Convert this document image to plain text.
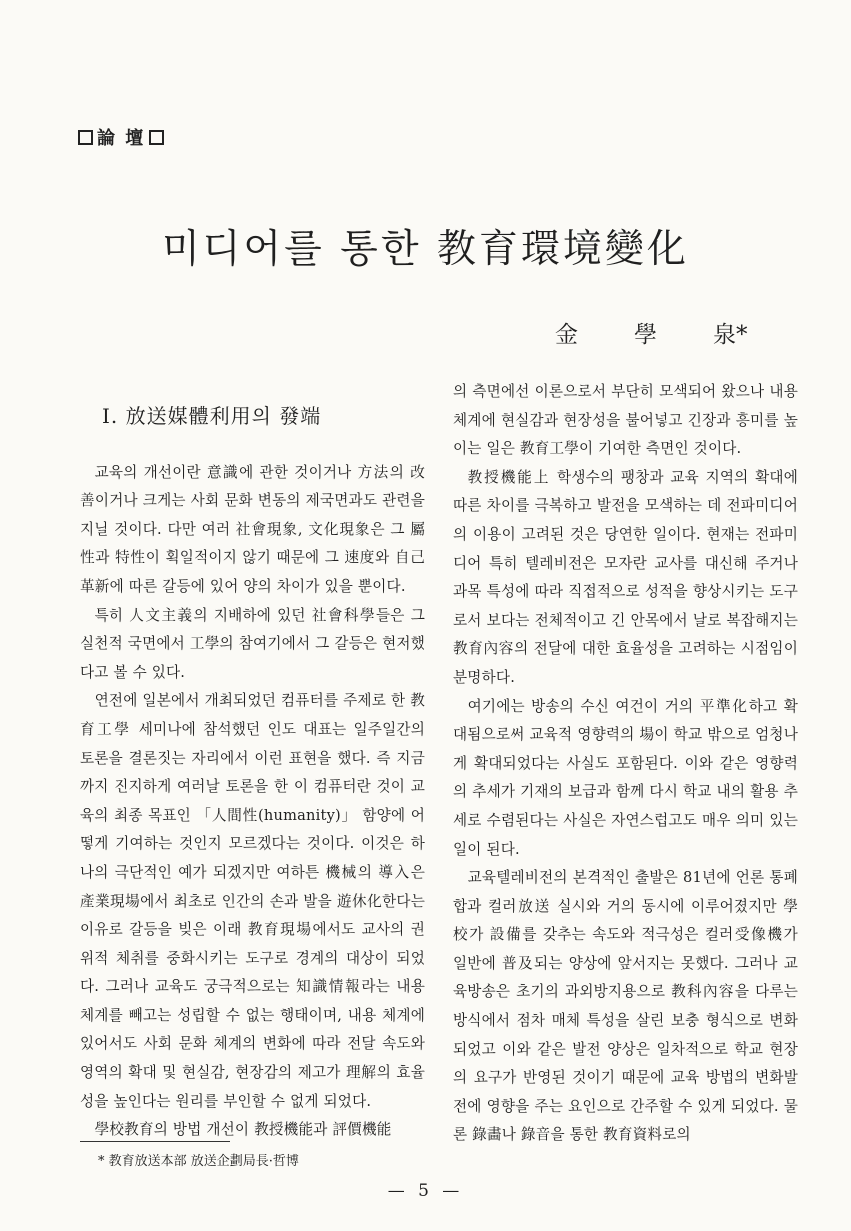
論 壇
미디어를 통한 教育環境變化
金 學 泉*
I. 放送媒體利用의 發端

교육의 개선이란 意識에 관한 것이거나 方法의 改善이거나 크게는 사회 문화 변동의 제국면과도 관련을 지닐 것이다. 다만 여러 社會現象, 文化現象은 그 屬性과 特性이 획일적이지 않기 때문에 그 速度와 自己革新에 따른 갈등에 있어 양의 차이가 있을 뿐이다.

특히 人文主義의 지배하에 있던 社會科學들은 그 실천적 국면에서 工學의 참여기에서 그 갈등은 현저했다고 볼 수 있다.

연전에 일본에서 개최되었던 컴퓨터를 주제로 한 教育工學 세미나에 참석했던 인도 대표는 일주일간의 토론을 결론짓는 자리에서 이런 표현을 했다. 즉 지금까지 진지하게 여러날 토론을 한 이 컴퓨터란 것이 교육의 최종 목표인 「人間性(humanity)」 함양에 어떻게 기여하는 것인지 모르겠다는 것이다. 이것은 하나의 극단적인 예가 되겠지만 여하튼 機械의 導入은 產業現場에서 최초로 인간의 손과 발을 遊休化한다는 이유로 갈등을 빚은 이래 教育現場에서도 교사의 권위적 체취를 중화시키는 도구로 경계의 대상이 되었다. 그러나 교육도 궁극적으로는 知識情報라는 내용 체계를 빼고는 성립할 수 없는 행태이며, 내용 체계에 있어서도 사회 문화 체계의 변화에 따라 전달 속도와 영역의 확대 및 현실감, 현장감의 제고가 理解의 효율성을 높인다는 원리를 부인할 수 없게 되었다.

學校教育의 방법 개선이 教授機能과 評價機能

의 측면에선 이론으로서 부단히 모색되어 왔으나 내용 체계에 현실감과 현장성을 불어넣고 긴장과 흥미를 높이는 일은 教育工學이 기여한 측면인 것이다.

教授機能上 학생수의 팽창과 교육 지역의 확대에 따른 차이를 극복하고 발전을 모색하는 데 전파미디어의 이용이 고려된 것은 당연한 일이다. 현재는 전파미디어 특히 텔레비전은 모자란 교사를 대신해 주거나 과목 특성에 따라 직접적으로 성적을 향상시키는 도구로서 보다는 전체적이고 긴 안목에서 날로 복잡해지는 教育內容의 전달에 대한 효율성을 고려하는 시점임이 분명하다.

여기에는 방송의 수신 여건이 거의 平準化하고 확대됨으로써 교육적 영향력의 場이 학교 밖으로 엄청나게 확대되었다는 사실도 포함된다. 이와 같은 영향력의 추세가 기재의 보급과 함께 다시 학교 내의 활용 추세로 수렴된다는 사실은 자연스럽고도 매우 의미 있는 일이 된다.

교육텔레비전의 본격적인 출발은 81년에 언론 통폐합과 컬러放送 실시와 거의 동시에 이루어졌지만 學校가 設備를 갖추는 속도와 적극성은 컬러受像機가 일반에 普及되는 양상에 앞서지는 못했다. 그러나 교육방송은 초기의 과외방지용으로 教科內容을 다루는 방식에서 점차 매체 특성을 살린 보충 형식으로 변화되었고 이와 같은 발전 양상은 일차적으로 학교 현장의 요구가 반영된 것이기 때문에 교육 방법의 변화발전에 영향을 주는 요인으로 간주할 수 있게 되었다. 물론 錄畵나 錄音을 통한 教育資料로의

* 教育放送本部 放送企劃局長·哲博
— 5 —
